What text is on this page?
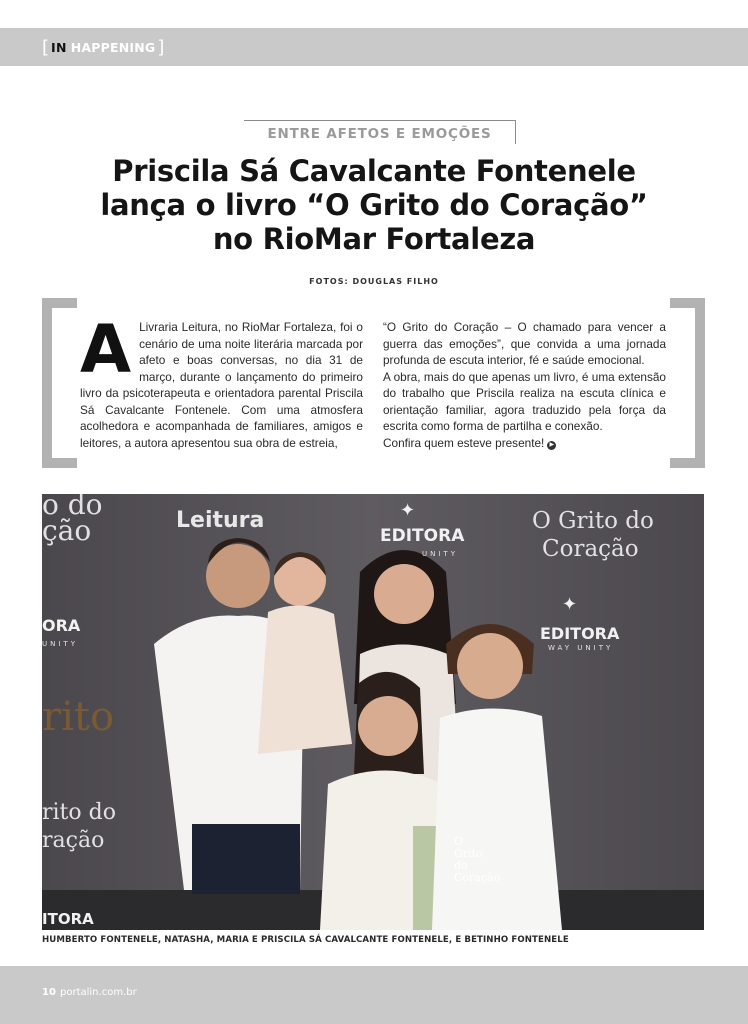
[ IN HAPPENING ]
ENTRE AFETOS E EMOÇÕES
Priscila Sá Cavalcante Fontenele
lança o livro “O Grito do Coração”
no RioMar Fortaleza
FOTOS: DOUGLAS FILHO
A Livraria Leitura, no RioMar Fortaleza, foi o cenário de uma noite literária marcada por afeto e boas conversas, no dia 31 de março, durante o lançamento do primeiro livro da psicoterapeuta e orientadora parental Priscila Sá Cavalcante Fontenele. Com uma atmosfera acolhedora e acompanhada de familiares, amigos e leitores, a autora apresentou sua obra de estreia,
“O Grito do Coração – O chamado para vencer a guerra das emoções”, que convida a uma jornada profunda de escuta interior, fé e saúde emocional.
A obra, mais do que apenas um livro, é uma extensão do trabalho que Priscila realiza na escuta clínica e orientação familiar, agora traduzido pela força da escrita como forma de partilha e conexão.
Confira quem esteve presente! ▶
o do
ção	Leitura	✦
EDITORA
UNITY
O Grito do
Coração
✦
EDITORA
WAY UNITY
ORA
UNITY
rito
rito do
ração
ITORA
O
Grito
do
Coração
HUMBERTO FONTENELE, NATASHA, MARIA E PRISCILA SÁ CAVALCANTE FONTENELE, E BETINHO FONTENELE
10 portalin.com.br
